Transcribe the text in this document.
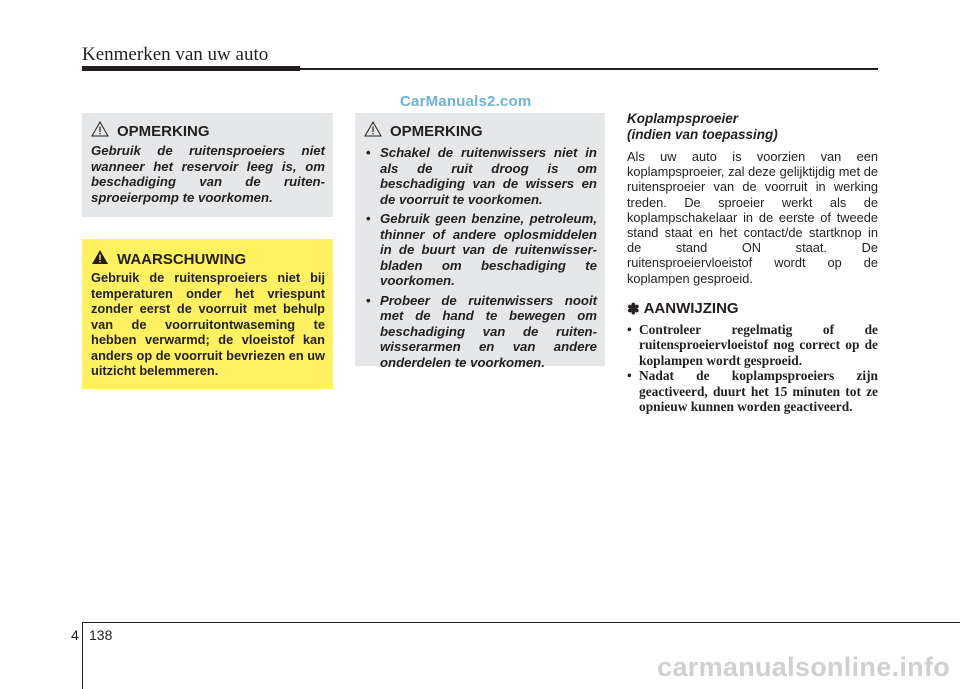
Kenmerken van uw auto
CarManuals2.com
OPMERKING
Gebruik de ruitensproeiers niet wanneer het reservoir leeg is, om beschadiging van de ruiten-sproeierpomp te voorkomen.
WAARSCHUWING
Gebruik de ruitensproeiers niet bij temperaturen onder het vriespunt zonder eerst de voorruit met behulp van de voorruitontwaseming te hebben verwarmd; de vloeistof kan anders op de voorruit bevriezen en uw uitzicht belemmeren.
OPMERKING
• Schakel de ruitenwissers niet in als de ruit droog is om beschadiging van de wissers en de voorruit te voorkomen.
• Gebruik geen benzine, petroleum, thinner of andere oplosmiddelen in de buurt van de ruitenwisser-bladen om beschadiging te voorkomen.
• Probeer de ruitenwissers nooit met de hand te bewegen om beschadiging van de ruiten-wisserarmen en van andere onderdelen te voorkomen.
Koplampsproeier
(indien van toepassing)
Als uw auto is voorzien van een koplampsproeier, zal deze gelijktijdig met de ruitensproeier van de voorruit in werking treden. De sproeier werkt als de koplampschakelaar in de eerste of tweede stand staat en het contact/de startknop in de stand ON staat. De ruitensproeiervloeistof wordt op de koplampen gesproeid.
✽ AANWIJZING
• Controleer regelmatig of de ruitensproeiervloeistof nog correct op de koplampen wordt gesproeid.
• Nadat de koplampsproeiers zijn geactiveerd, duurt het 15 minuten tot ze opnieuw kunnen worden geactiveerd.
4 138
carmanualsonline.info
